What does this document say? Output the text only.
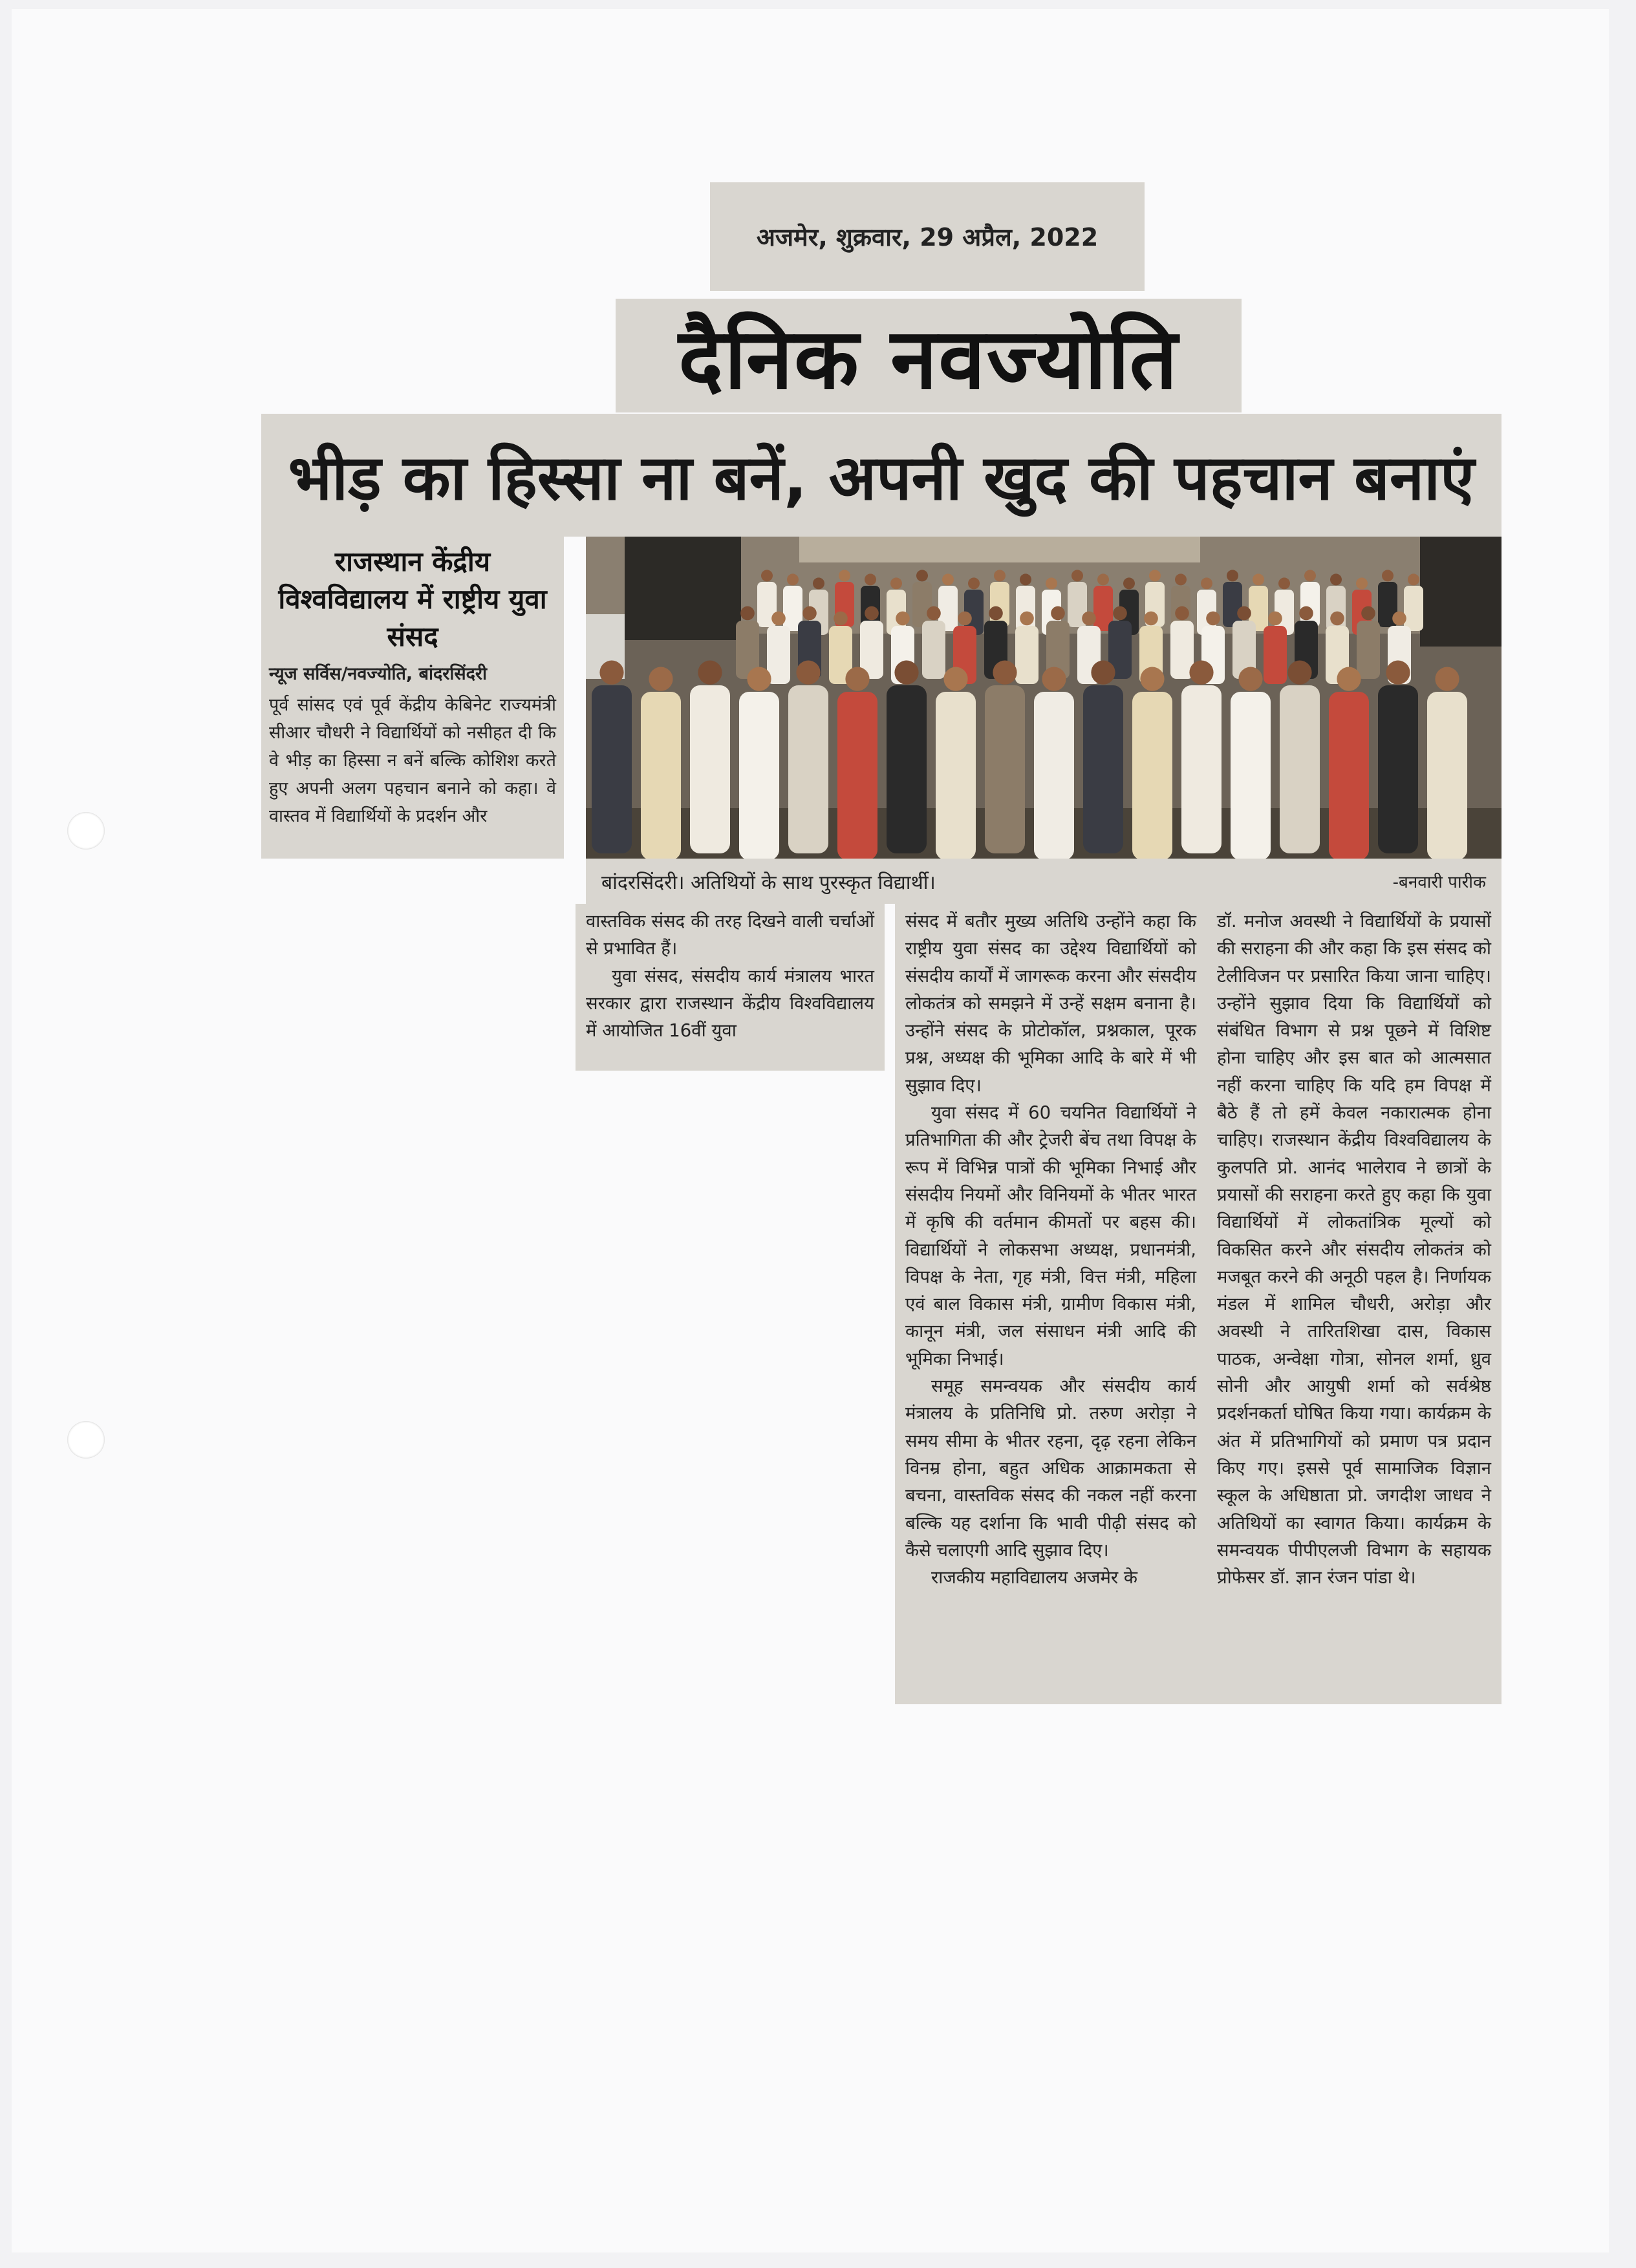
अजमेर, शुक्रवार, 29 अप्रैल, 2022
दैनिक नवज्योति
भीड़ का हिस्सा ना बनें, अपनी खुद की पहचान बनाएं
राजस्थान केंद्रीय विश्वविद्यालय में राष्ट्रीय युवा संसद
न्यूज सर्विस/नवज्योति, बांदरसिंदरी
पूर्व सांसद एवं पूर्व केंद्रीय केबिनेट राज्यमंत्री सीआर चौधरी ने विद्यार्थियों को नसीहत दी कि वे भीड़ का हिस्सा न बनें बल्कि कोशिश करते हुए अपनी अलग पहचान बनाने को कहा। वे वास्तव में विद्यार्थियों के प्रदर्शन और
बांदरसिंदरी। अतिथियों के साथ पुरस्कृत विद्यार्थी।	-बनवारी पारीक

वास्तविक संसद की तरह दिखने वाली चर्चाओं से प्रभावित हैं।

युवा संसद, संसदीय कार्य मंत्रालय भारत सरकार द्वारा राजस्थान केंद्रीय विश्वविद्यालय में आयोजित 16वीं युवा

संसद में बतौर मुख्य अतिथि उन्होंने कहा कि राष्ट्रीय युवा संसद का उद्देश्य विद्यार्थियों को संसदीय कार्यों में जागरूक करना और संसदीय लोकतंत्र को समझने में उन्हें सक्षम बनाना है। उन्होंने संसद के प्रोटोकॉल, प्रश्नकाल, पूरक प्रश्न, अध्यक्ष की भूमिका आदि के बारे में भी सुझाव दिए।

युवा संसद में 60 चयनित विद्यार्थियों ने प्रतिभागिता की और ट्रेजरी बेंच तथा विपक्ष के रूप में विभिन्न पात्रों की भूमिका निभाई और संसदीय नियमों और विनियमों के भीतर भारत में कृषि की वर्तमान कीमतों पर बहस की। विद्यार्थियों ने लोकसभा अध्यक्ष, प्रधानमंत्री, विपक्ष के नेता, गृह मंत्री, वित्त मंत्री, महिला एवं बाल विकास मंत्री, ग्रामीण विकास मंत्री, कानून मंत्री, जल संसाधन मंत्री आदि की भूमिका निभाई।

समूह समन्वयक और संसदीय कार्य मंत्रालय के प्रतिनिधि प्रो. तरुण अरोड़ा ने समय सीमा के भीतर रहना, दृढ़ रहना लेकिन विनम्र होना, बहुत अधिक आक्रामकता से बचना, वास्तविक संसद की नकल नहीं करना बल्कि यह दर्शाना कि भावी पीढ़ी संसद को कैसे चलाएगी आदि सुझाव दिए।

राजकीय महाविद्यालय अजमेर के

डॉ. मनोज अवस्थी ने विद्यार्थियों के प्रयासों की सराहना की और कहा कि इस संसद को टेलीविजन पर प्रसारित किया जाना चाहिए। उन्होंने सुझाव दिया कि विद्यार्थियों को संबंधित विभाग से प्रश्न पूछने में विशिष्ट होना चाहिए और इस बात को आत्मसात नहीं करना चाहिए कि यदि हम विपक्ष में बैठे हैं तो हमें केवल नकारात्मक होना चाहिए। राजस्थान केंद्रीय विश्वविद्यालय के कुलपति प्रो. आनंद भालेराव ने छात्रों के प्रयासों की सराहना करते हुए कहा कि युवा विद्यार्थियों में लोकतांत्रिक मूल्यों को विकसित करने और संसदीय लोकतंत्र को मजबूत करने की अनूठी पहल है। निर्णायक मंडल में शामिल चौधरी, अरोड़ा और अवस्थी ने तारितशिखा दास, विकास पाठक, अन्वेक्षा गोत्रा, सोनल शर्मा, ध्रुव सोनी और आयुषी शर्मा को सर्वश्रेष्ठ प्रदर्शनकर्ता घोषित किया गया। कार्यक्रम के अंत में प्रतिभागियों को प्रमाण पत्र प्रदान किए गए। इससे पूर्व सामाजिक विज्ञान स्कूल के अधिष्ठाता प्रो. जगदीश जाधव ने अतिथियों का स्वागत किया। कार्यक्रम के समन्वयक पीपीएलजी विभाग के सहायक प्रोफेसर डॉ. ज्ञान रंजन पांडा थे।
